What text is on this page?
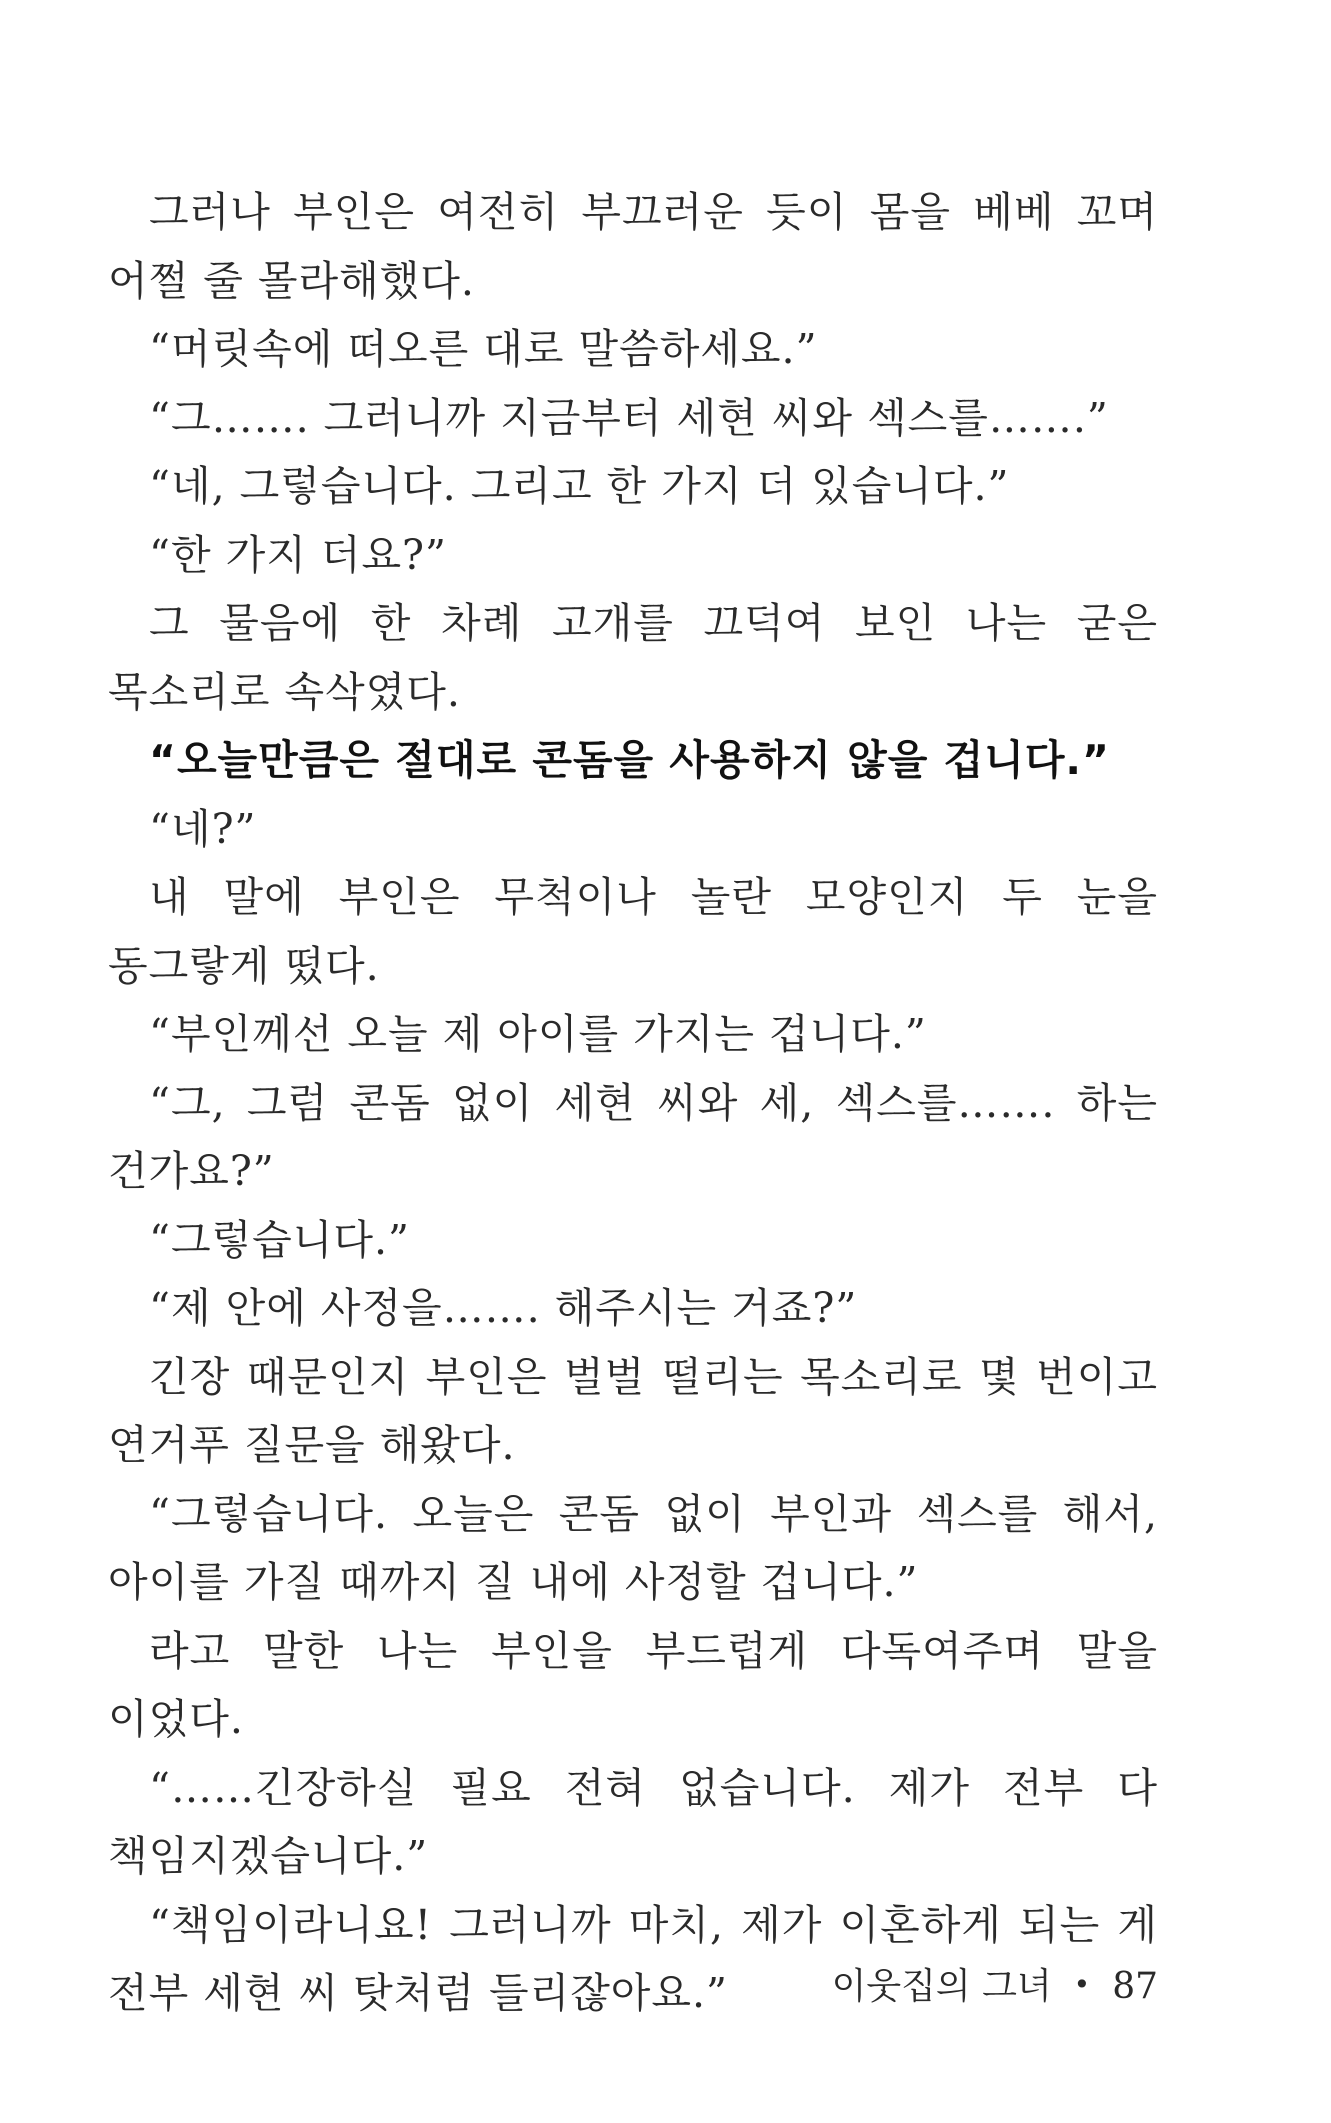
그러나 부인은 여전히 부끄러운 듯이 몸을 베베 꼬며 어쩔 줄 몰라해했다.

“머릿속에 떠오른 대로 말씀하세요.”

“그……. 그러니까 지금부터 세현 씨와 섹스를…….”

“네, 그렇습니다. 그리고 한 가지 더 있습니다.”

“한 가지 더요?”

그 물음에 한 차례 고개를 끄덕여 보인 나는 굳은 목소리로 속삭였다.

“오늘만큼은 절대로 콘돔을 사용하지 않을 겁니다.”

“네?”

내 말에 부인은 무척이나 놀란 모양인지 두 눈을 동그랗게 떴다.

“부인께선 오늘 제 아이를 가지는 겁니다.”

“그, 그럼 콘돔 없이 세현 씨와 세, 섹스를……. 하는 건가요?”

“그렇습니다.”

“제 안에 사정을……. 해주시는 거죠?”

긴장 때문인지 부인은 벌벌 떨리는 목소리로 몇 번이고 연거푸 질문을 해왔다.

“그렇습니다. 오늘은 콘돔 없이 부인과 섹스를 해서, 아이를 가질 때까지 질 내에 사정할 겁니다.”

라고 말한 나는 부인을 부드럽게 다독여주며 말을 이었다.

“……긴장하실 필요 전혀 없습니다. 제가 전부 다 책임지겠습니다.”

“책임이라니요! 그러니까 마치, 제가 이혼하게 되는 게 전부 세현 씨 탓처럼 들리잖아요.”	이웃집의 그녀 • 87
